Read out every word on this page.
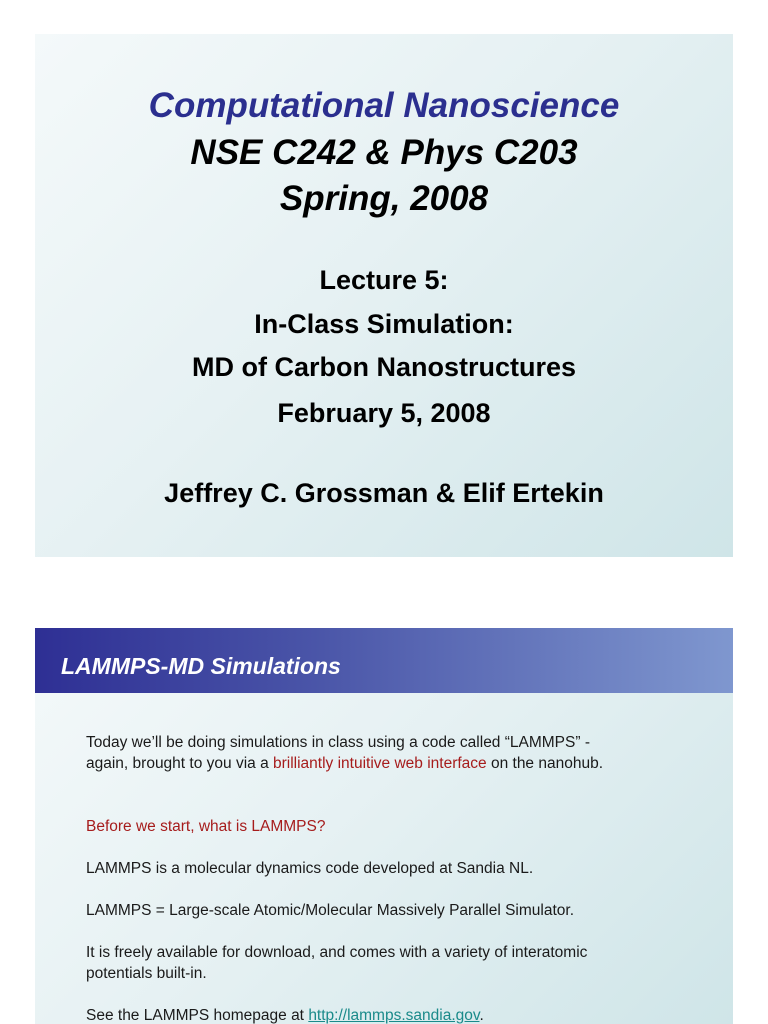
Computational Nanoscience
NSE C242 & Phys C203
Spring, 2008
Lecture 5:
In-Class Simulation:
MD of Carbon Nanostructures
February 5, 2008
Jeffrey C. Grossman & Elif Ertekin
LAMMPS-MD Simulations
Today we’ll be doing simulations in class using a code called “LAMMPS” -
again, brought to you via a brilliantly intuitive web interface on the nanohub.
Before we start, what is LAMMPS?
LAMMPS is a molecular dynamics code developed at Sandia NL.
LAMMPS = Large-scale Atomic/Molecular Massively Parallel Simulator.
It is freely available for download, and comes with a variety of interatomic
potentials built-in.
See the LAMMPS homepage at http://lammps.sandia.gov.
